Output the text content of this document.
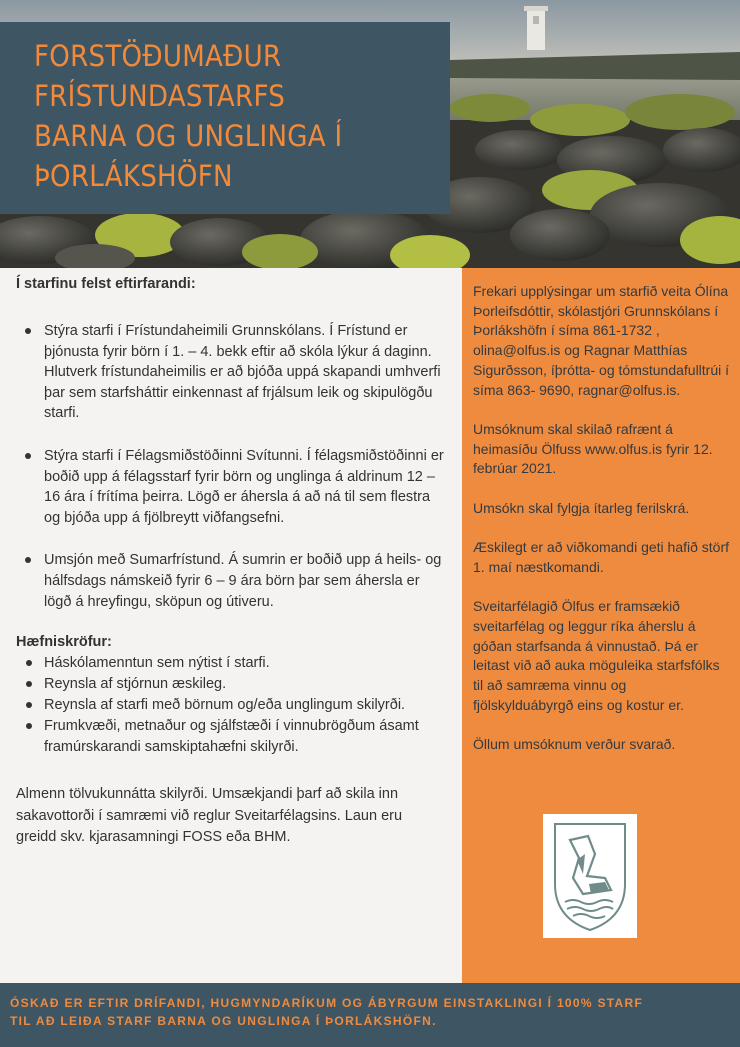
FORSTÖÐUMAÐUR
FRÍSTUNDASTARFS
BARNA OG UNGLINGA Í
ÞORLÁKSHÖFN
Í starfinu felst eftirfarandi:
Stýra starfi í Frístundaheimili Grunnskólans. Í Frístund er þjónusta fyrir börn í 1. – 4. bekk eftir að skóla lýkur á daginn. Hlutverk frístundaheimilis er að bjóða uppá skapandi umhverfi þar sem starfsháttir einkennast af frjálsum leik og skipulögðu starfi.
Stýra starfi í Félagsmiðstöðinni Svítunni. Í félagsmiðstöðinni er boðið upp á félagsstarf fyrir börn og unglinga á aldrinum 12 – 16 ára í frítíma þeirra. Lögð er áhersla á að ná til sem flestra og bjóða upp á fjölbreytt viðfangsefni.
Umsjón með Sumarfrístund. Á sumrin er boðið upp á heils- og hálfsdags námskeið fyrir 6 – 9 ára börn þar sem áhersla er lögð á hreyfingu, sköpun og útiveru.
Hæfniskröfur:
Háskólamenntun sem nýtist í starfi.
Reynsla af stjórnun æskileg.
Reynsla af starfi með börnum og/eða unglingum skilyrði.
Frumkvæði, metnaður og sjálfstæði í vinnubrögðum ásamt framúrskarandi samskiptahæfni skilyrði.

Almenn tölvukunnátta skilyrði. Umsækjandi þarf að skila inn sakavottorði í samræmi við reglur Sveitarfélagsins. Laun eru greidd skv. kjarasamningi FOSS eða BHM.

Frekari upplýsingar um starfið veita Ólína Þorleifsdóttir, skólastjóri Grunnskólans í Þorlákshöfn í síma 861-1732 , olina@olfus.is og Ragnar Matthías Sigurðsson, íþrótta- og tómstundafulltrúi í síma 863- 9690, ragnar@olfus.is.

Umsóknum skal skilað rafrænt á heimasíðu Ölfuss www.olfus.is fyrir 12. febrúar 2021.

Umsókn skal fylgja ítarleg ferilskrá.

Æskilegt er að viðkomandi geti hafið störf 1. maí næstkomandi.

Sveitarfélagið Ölfus er framsækið sveitarfélag og leggur ríka áherslu á góðan starfsanda á vinnustað. Þá er leitast við að auka möguleika starfsfólks til að samræma vinnu og fjölskylduábyrgð eins og kostur er.

Öllum umsóknum verður svarað.

ÓSKAÐ ER EFTIR DRÍFANDI, HUGMYNDARÍKUM OG ÁBYRGUM EINSTAKLINGI Í 100% STARF
TIL AÐ LEIÐA STARF BARNA OG UNGLINGA Í ÞORLÁKSHÖFN.
